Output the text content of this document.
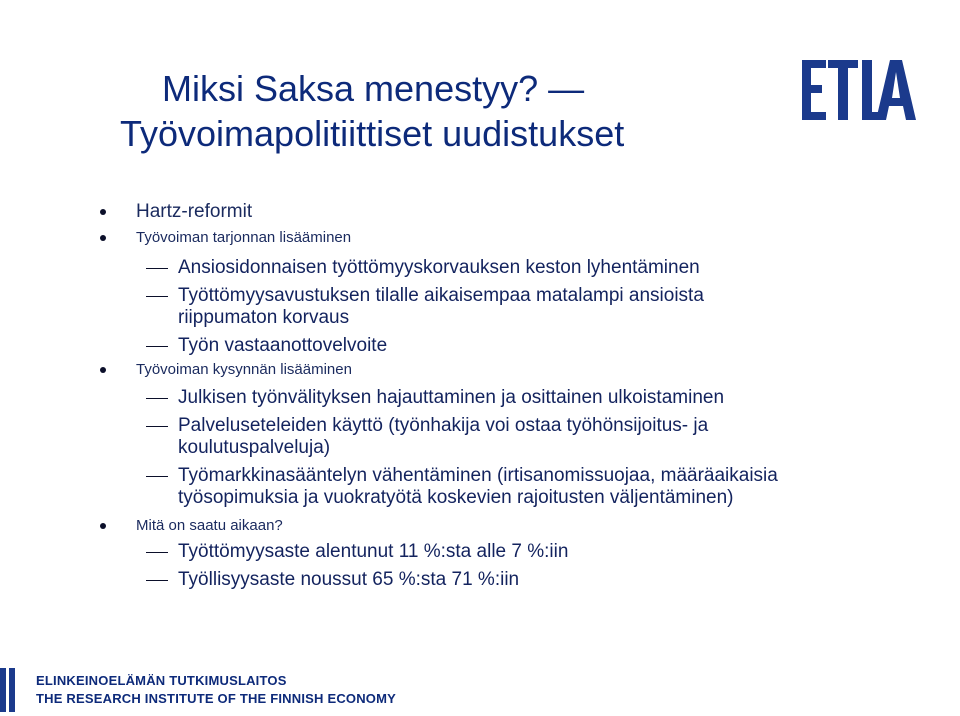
Miksi Saksa menestyy? —
Työvoimapolitiittiset uudistukset
Hartz-reformit
Työvoiman tarjonnan lisääminen
Ansiosidonnaisen työttömyyskorvauksen keston lyhentäminen
Työttömyysavustuksen tilalle aikaisempaa matalampi ansioista
riippumaton korvaus
Työn vastaanottovelvoite
Työvoiman kysynnän lisääminen
Julkisen työnvälityksen hajauttaminen ja osittainen ulkoistaminen
Palveluseteleiden käyttö (työnhakija voi ostaa työhönsijoitus- ja
koulutuspalveluja)
Työmarkkinasääntelyn vähentäminen (irtisanomissuojaa, määräaikaisia
työsopimuksia ja vuokratyötä koskevien rajoitusten väljentäminen)
Mitä on saatu aikaan?
Työttömyysaste alentunut 11 %:sta alle 7 %:iin
Työllisyysaste noussut 65 %:sta 71 %:iin
ELINKEINOELÄMÄN TUTKIMUSLAITOS
THE RESEARCH INSTITUTE OF THE FINNISH ECONOMY
